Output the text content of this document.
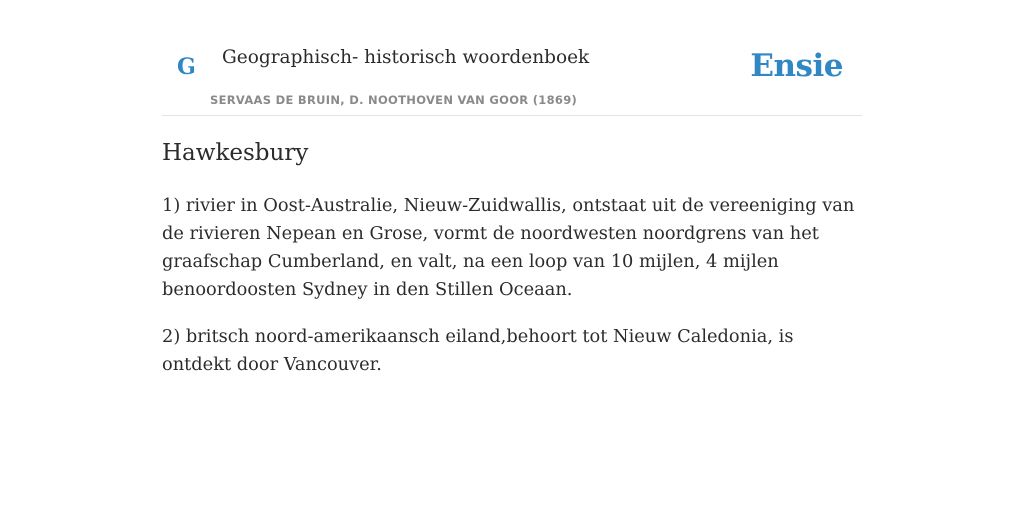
G Geographisch- historisch woordenboek
SERVAAS DE BRUIN, D. NOOTHOVEN VAN GOOR (1869)
Ensie
Hawkesbury

1) rivier in Oost-Australie, Nieuw-Zuidwallis, ontstaat uit de vereeniging van de rivieren Nepean en Grose, vormt de noordwesten noordgrens van het graafschap Cumberland, en valt, na een loop van 10 mijlen, 4 mijlen benoordoosten Sydney in den Stillen Oceaan.

2) britsch noord-amerikaansch eiland,behoort tot Nieuw Caledonia, is ontdekt door Vancouver.
